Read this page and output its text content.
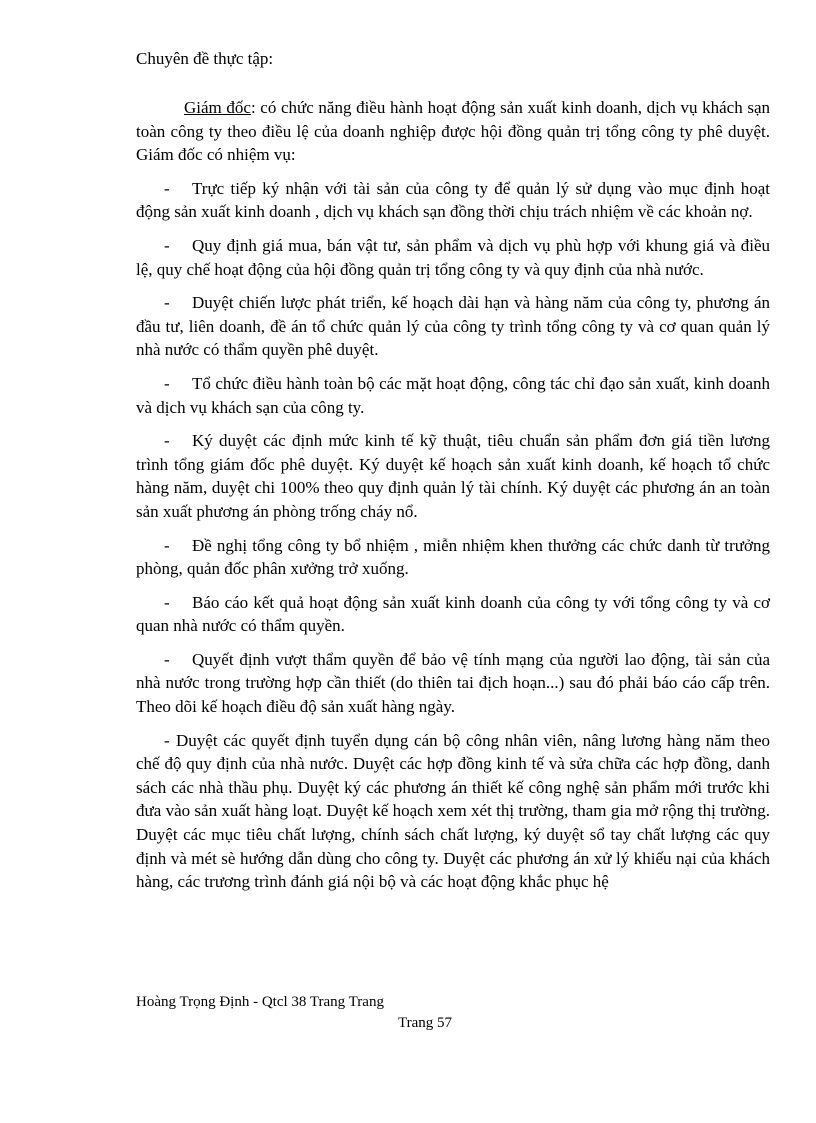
Chuyên đề thực tập:

Giám đốc: có chức năng điều hành hoạt động sản xuất kinh doanh, dịch vụ khách sạn toàn công ty theo điều lệ của doanh nghiệp được hội đồng quản trị tổng công ty phê duyệt. Giám đốc có nhiệm vụ:

- Trực tiếp ký nhận với tài sản của công ty để quản lý sử dụng vào mục định hoạt động sản xuất kinh doanh , dịch vụ khách sạn đồng thời chịu trách nhiệm về các khoản nợ.

- Quy định giá mua, bán vật tư, sản phẩm và dịch vụ phù hợp với khung giá và điều lệ, quy chế hoạt động của hội đồng quản trị tổng công ty và quy định của nhà nước.

- Duyệt chiến lược phát triển, kế hoạch dài hạn và hàng năm của công ty, phương án đầu tư, liên doanh, đề án tổ chức quản lý của công ty trình tổng công ty và cơ quan quản lý nhà nước có thẩm quyền phê duyệt.

- Tổ chức điều hành toàn bộ các mặt hoạt động, công tác chỉ đạo sản xuất, kinh doanh và dịch vụ khách sạn của công ty.

- Ký duyệt các định mức kinh tế kỹ thuật, tiêu chuẩn sản phẩm đơn giá tiền lương trình tổng giám đốc phê duyệt. Ký duyệt kế hoạch sản xuất kinh doanh, kế hoạch tổ chức hàng năm, duyệt chi 100% theo quy định quản lý tài chính. Ký duyệt các phương án an toàn sản xuất phương án phòng trống cháy nổ.

- Đề nghị tổng công ty bổ nhiệm , miễn nhiệm khen thưởng các chức danh từ trưởng phòng, quản đốc phân xưởng trở xuống.

- Báo cáo kết quả hoạt động sản xuất kinh doanh của công ty với tổng công ty và cơ quan nhà nước có thẩm quyền.

- Quyết định vượt thẩm quyền để bảo vệ tính mạng của người lao động, tài sản của nhà nước trong trường hợp cần thiết (do thiên tai địch hoạn...) sau đó phải báo cáo cấp trên. Theo dõi kế hoạch điều độ sản xuất hàng ngày.

- Duyệt các quyết định tuyển dụng cán bộ công nhân viên, nâng lương hàng năm theo chế độ quy định của nhà nước. Duyệt các hợp đồng kinh tế và sửa chữa các hợp đồng, danh sách các nhà thầu phụ. Duyệt ký các phương án thiết kế công nghệ sản phẩm mới trước khi đưa vào sản xuất hàng loạt. Duyệt kế hoạch xem xét thị trường, tham gia mở rộng thị trường. Duyệt các mục tiêu chất lượng, chính sách chất lượng, ký duyệt sổ tay chất lượng các quy định và mét sè hướng dẫn dùng cho công ty. Duyệt các phương án xử lý khiếu nại của khách hàng, các trương trình đánh giá nội bộ và các hoạt động khắc phục hệ

Hoàng Trọng Định - Qtcl 38 Trang Trang
Trang 57
